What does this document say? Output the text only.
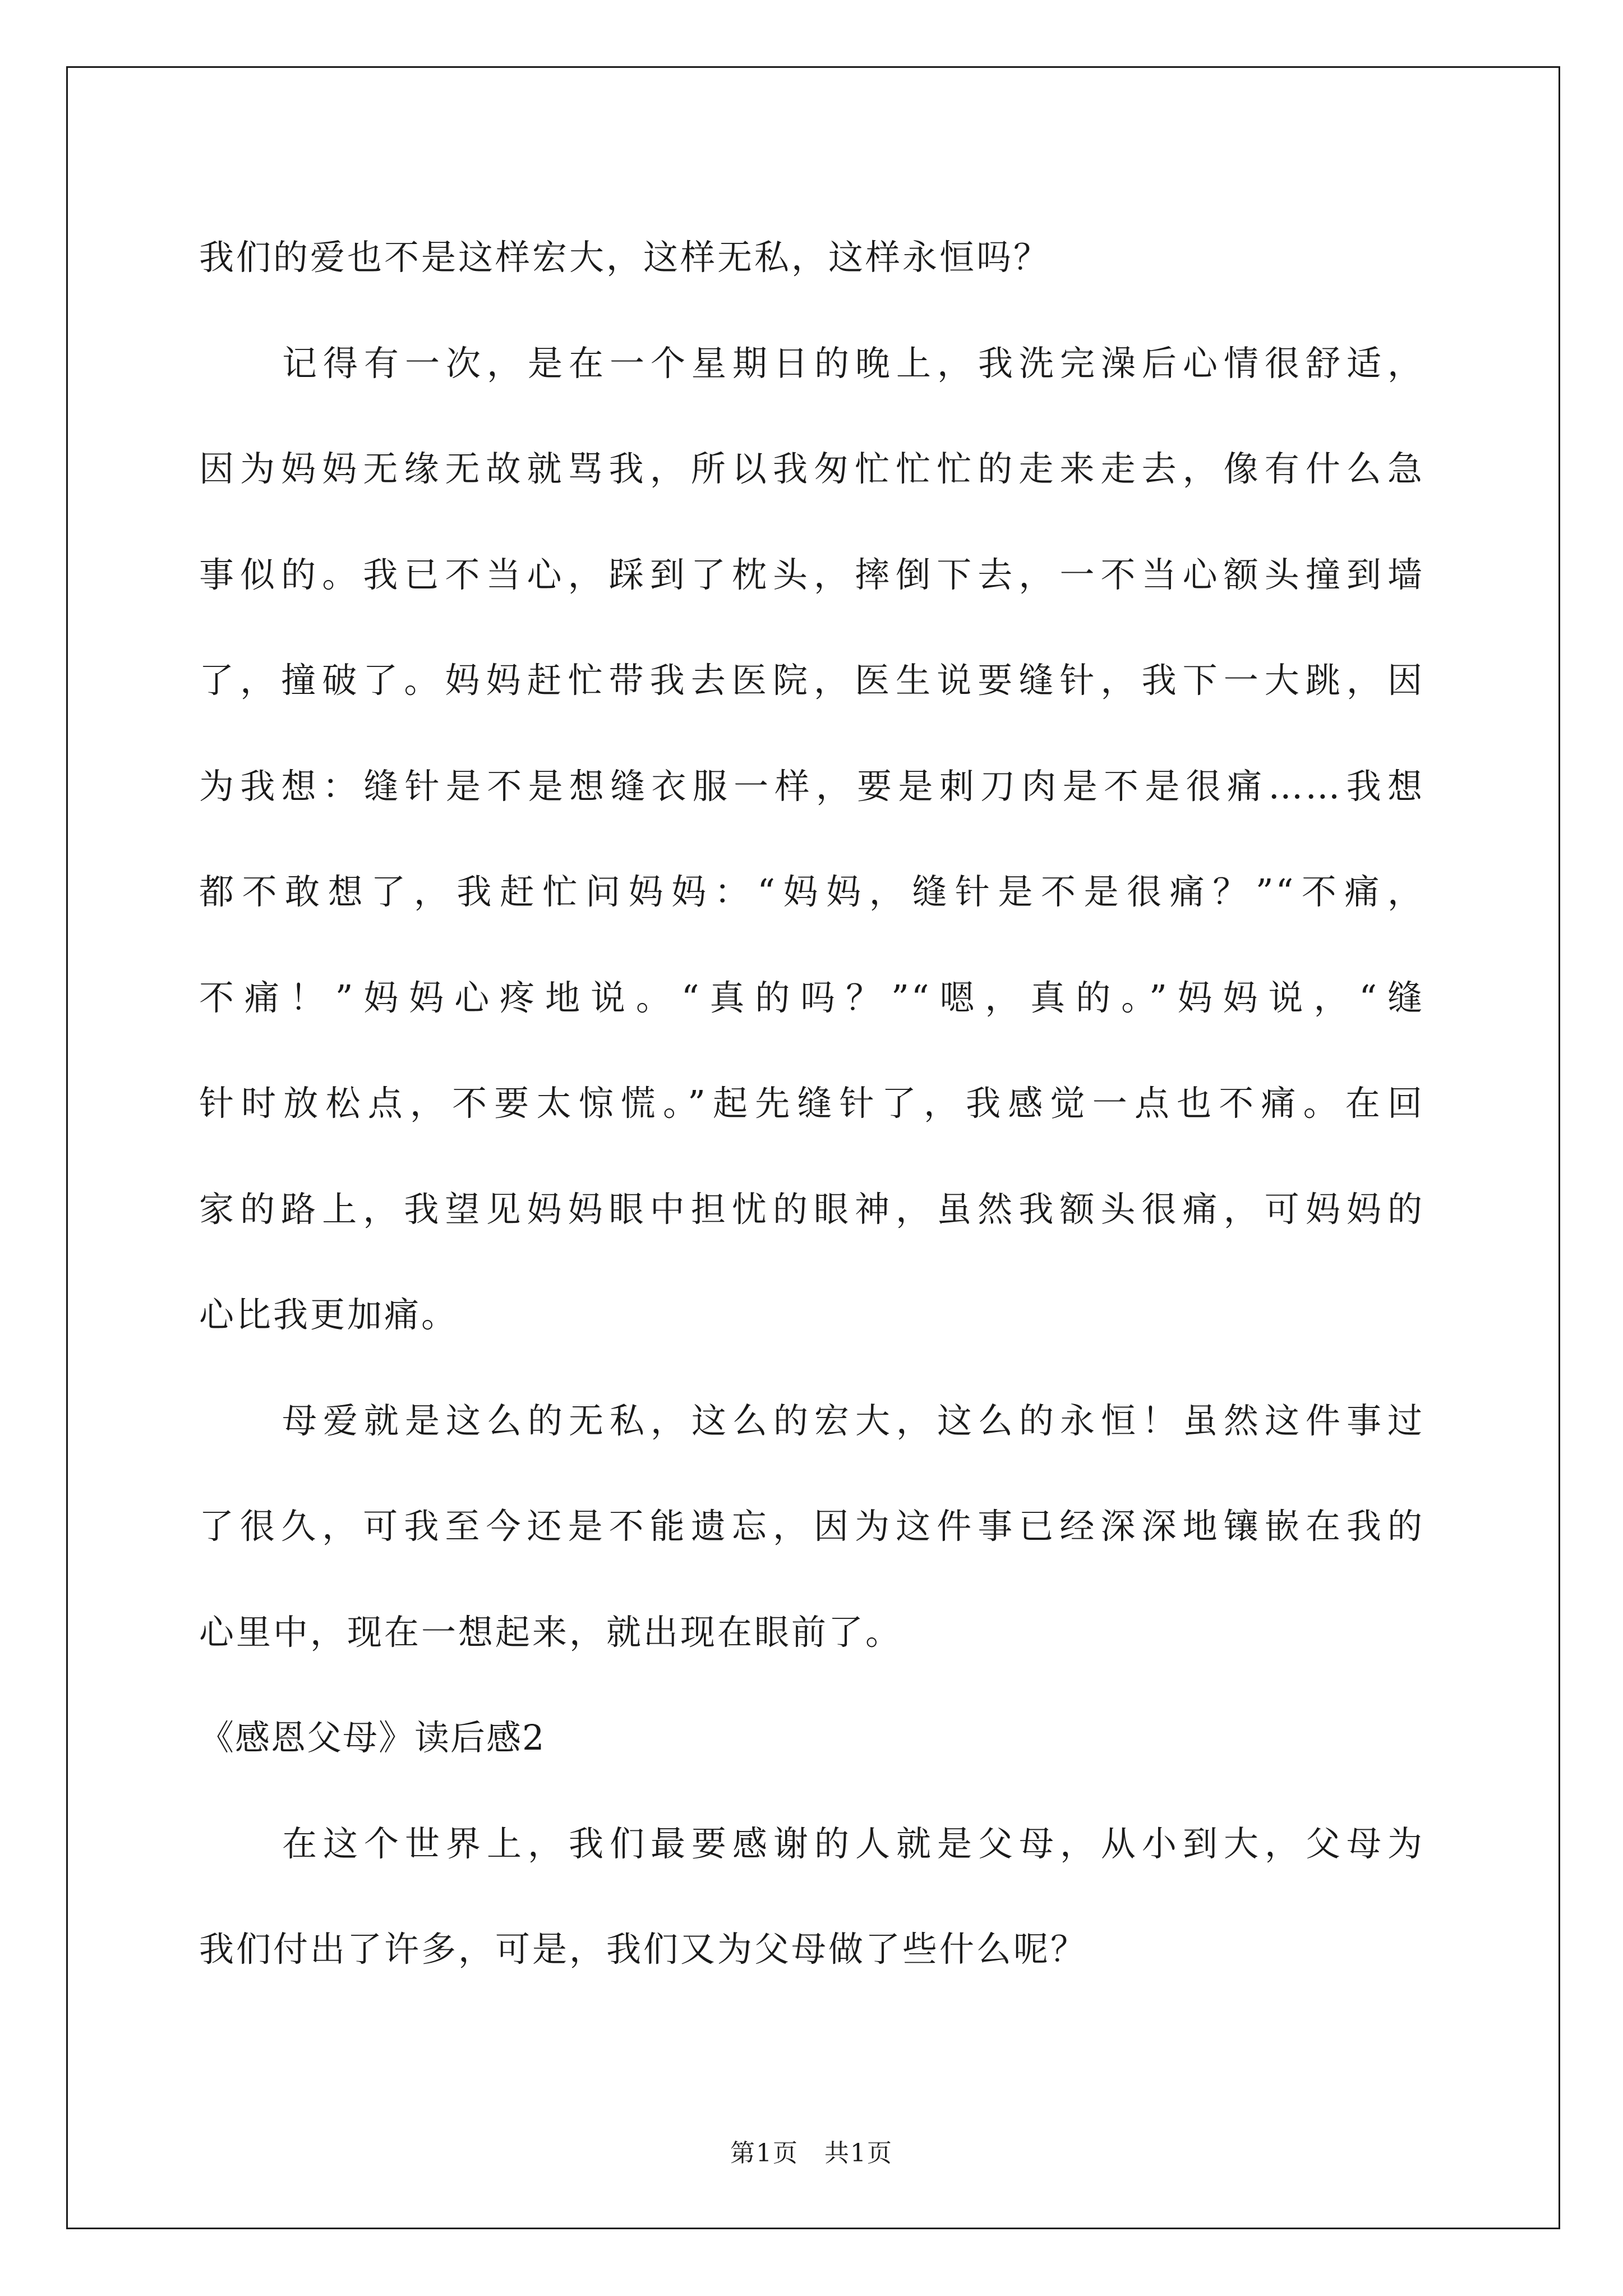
我们的爱也不是这样宏大，这样无私，这样永恒吗？
记得有一次，是在一个星期日的晚上，我洗完澡后心情很舒适，
因为妈妈无缘无故就骂我，所以我匆忙忙忙的走来走去，像有什么急
事似的。我已不当心，踩到了枕头，摔倒下去，一不当心额头撞到墙
了，撞破了。妈妈赶忙带我去医院，医生说要缝针，我下一大跳，因
为我想：缝针是不是想缝衣服一样，要是刺刀肉是不是很痛……我想
都不敢想了，我赶忙问妈妈：“妈妈，缝针是不是很痛？”“不痛，
不痛！”妈妈心疼地说。“真的吗？”“嗯，真的。”妈妈说，“缝
针时放松点，不要太惊慌。”起先缝针了，我感觉一点也不痛。在回
家的路上，我望见妈妈眼中担忧的眼神，虽然我额头很痛，可妈妈的
心比我更加痛。
母爱就是这么的无私，这么的宏大，这么的永恒！虽然这件事过
了很久，可我至今还是不能遗忘，因为这件事已经深深地镶嵌在我的
心里中，现在一想起来，就出现在眼前了。
《感恩父母》读后感2
在这个世界上，我们最要感谢的人就是父母，从小到大，父母为
我们付出了许多，可是，我们又为父母做了些什么呢？
第1页　共1页
